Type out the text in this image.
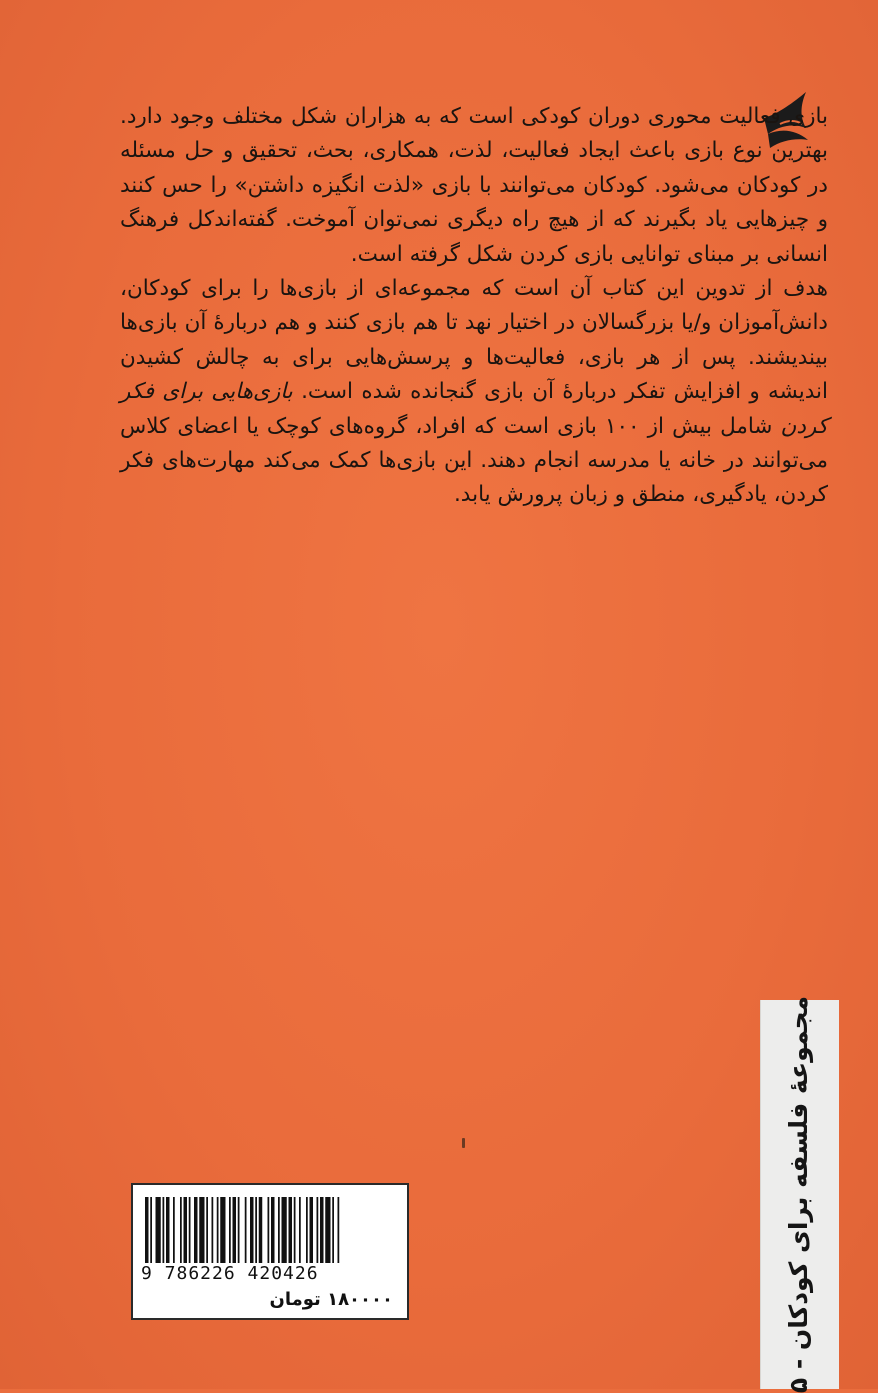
بازی فعالیت محوری دوران کودکی است که به هزاران شکل مختلف وجود دارد. بهترین نوع بازی باعث ایجاد فعالیت، لذت، همکاری، بحث، تحقیق و حل مسئله در کودکان می‌شود. کودکان می‌توانند با بازی «لذت انگیزه داشتن» را حس کنند و چیزهایی یاد بگیرند که از هیچ راه دیگری نمی‌توان آموخت. گفته‌اندکل فرهنگ انسانی بر مبنای توانایی بازی کردن شکل گرفته است.

هدف از تدوین این کتاب آن است که مجموعه‌ای از بازی‌ها را برای کودکان، دانش‌آموزان و/یا بزرگسالان در اختیار نهد تا هم بازی کنند و هم دربارهٔ آن بازی‌ها بیندیشند. پس از هر بازی، فعالیت‌ها و پرسش‌هایی برای به چالش کشیدن اندیشه و افزایش تفکر دربارهٔ آن بازی گنجانده شده است. بازی‌هایی برای فکر کردن شامل بیش از ۱۰۰ بازی است که افراد، گروه‌های کوچک یا اعضای کلاس می‌توانند در خانه یا مدرسه انجام دهند. این بازی‌ها کمک می‌کند مهارت‌های فکر کردن، یادگیری، منطق و زبان پرورش یابد.

مجموعهٔ فلسفه برای کودکان - ۵
9 786226 420426
۱۸۰۰۰۰ تومان
